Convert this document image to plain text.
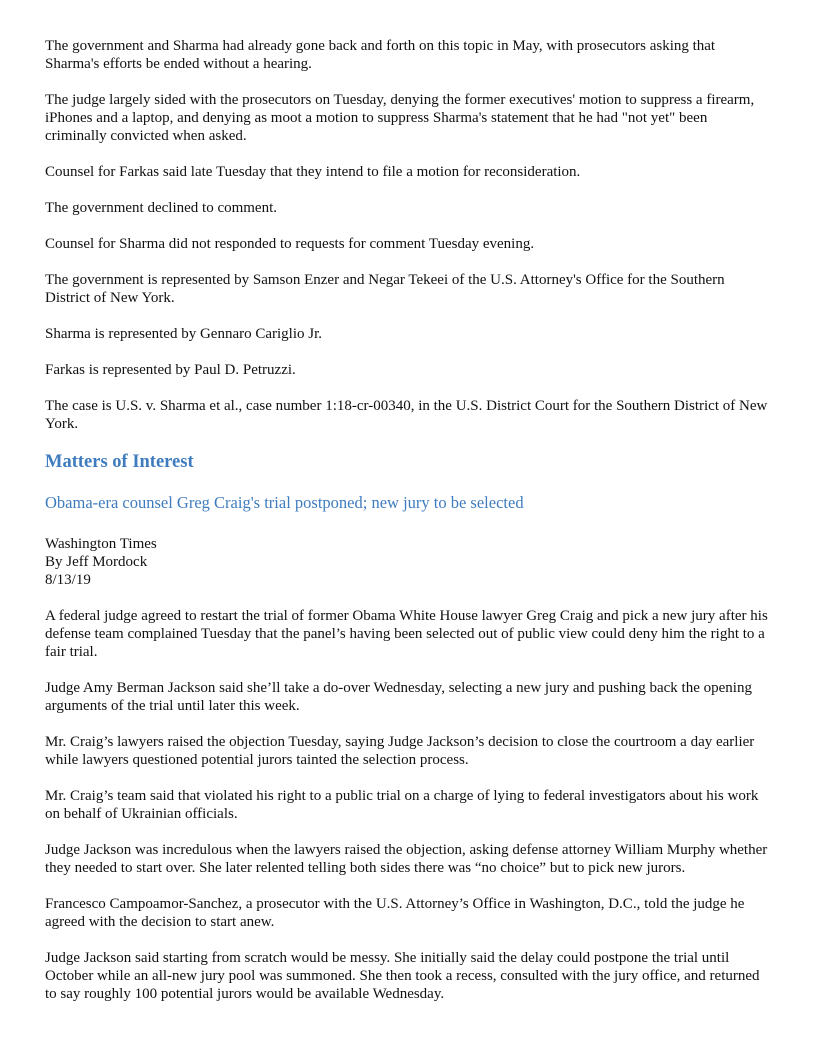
The government and Sharma had already gone back and forth on this topic in May, with prosecutors asking that Sharma's efforts be ended without a hearing.

The judge largely sided with the prosecutors on Tuesday, denying the former executives' motion to suppress a firearm, iPhones and a laptop, and denying as moot a motion to suppress Sharma's statement that he had "not yet" been criminally convicted when asked.

Counsel for Farkas said late Tuesday that they intend to file a motion for reconsideration.

The government declined to comment.

Counsel for Sharma did not responded to requests for comment Tuesday evening.

The government is represented by Samson Enzer and Negar Tekeei of the U.S. Attorney's Office for the Southern District of New York.

Sharma is represented by Gennaro Cariglio Jr.

Farkas is represented by Paul D. Petruzzi.

The case is U.S. v. Sharma et al., case number 1:18-cr-00340, in the U.S. District Court for the Southern District of New York.

Matters of Interest
Obama-era counsel Greg Craig's trial postponed; new jury to be selected
Washington Times
By Jeff Mordock
8/13/19

A federal judge agreed to restart the trial of former Obama White House lawyer Greg Craig and pick a new jury after his defense team complained Tuesday that the panel’s having been selected out of public view could deny him the right to a fair trial.

Judge Amy Berman Jackson said she’ll take a do-over Wednesday, selecting a new jury and pushing back the opening arguments of the trial until later this week.

Mr. Craig’s lawyers raised the objection Tuesday, saying Judge Jackson’s decision to close the courtroom a day earlier while lawyers questioned potential jurors tainted the selection process.

Mr. Craig’s team said that violated his right to a public trial on a charge of lying to federal investigators about his work on behalf of Ukrainian officials.

Judge Jackson was incredulous when the lawyers raised the objection, asking defense attorney William Murphy whether they needed to start over. She later relented telling both sides there was “no choice” but to pick new jurors.

Francesco Campoamor-Sanchez, a prosecutor with the U.S. Attorney’s Office in Washington, D.C., told the judge he agreed with the decision to start anew.

Judge Jackson said starting from scratch would be messy. She initially said the delay could postpone the trial until October while an all-new jury pool was summoned. She then took a recess, consulted with the jury office, and returned to say roughly 100 potential jurors would be available Wednesday.
